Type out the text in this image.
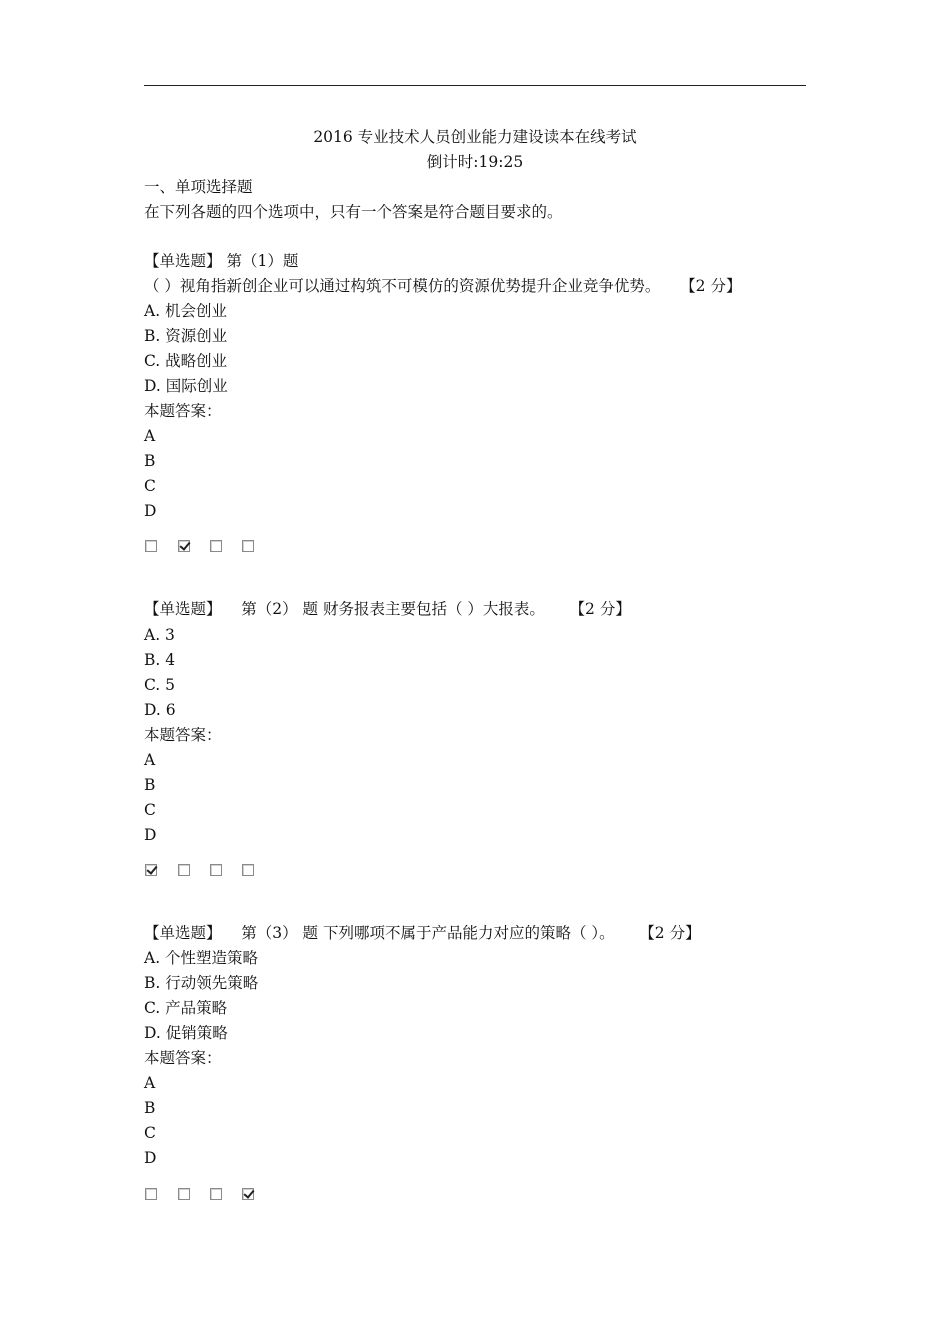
2016 专业技术人员创业能力建设读本在线考试
倒计时:19:25
一、单项选择题
在下列各题的四个选项中，只有一个答案是符合题目要求的。
【单选题】 第（1）题（ ）视角指新创企业可以通过构筑不可模仿的资源优势提升企业竞争优势。 【2 分】
A. 机会创业
B. 资源创业
C. 战略创业
D. 国际创业
本题答案：
A
B
C
D
【单选题】 第（2） 题 财务报表主要包括（ ）大报表。 【2 分】
A. 3
B. 4
C. 5
D. 6
本题答案：
A
B
C
D
【单选题】 第（3） 题 下列哪项不属于产品能力对应的策略（ ）。 【2 分】
A. 个性塑造策略
B. 行动领先策略
C. 产品策略
D. 促销策略
本题答案：
A
B
C
D
